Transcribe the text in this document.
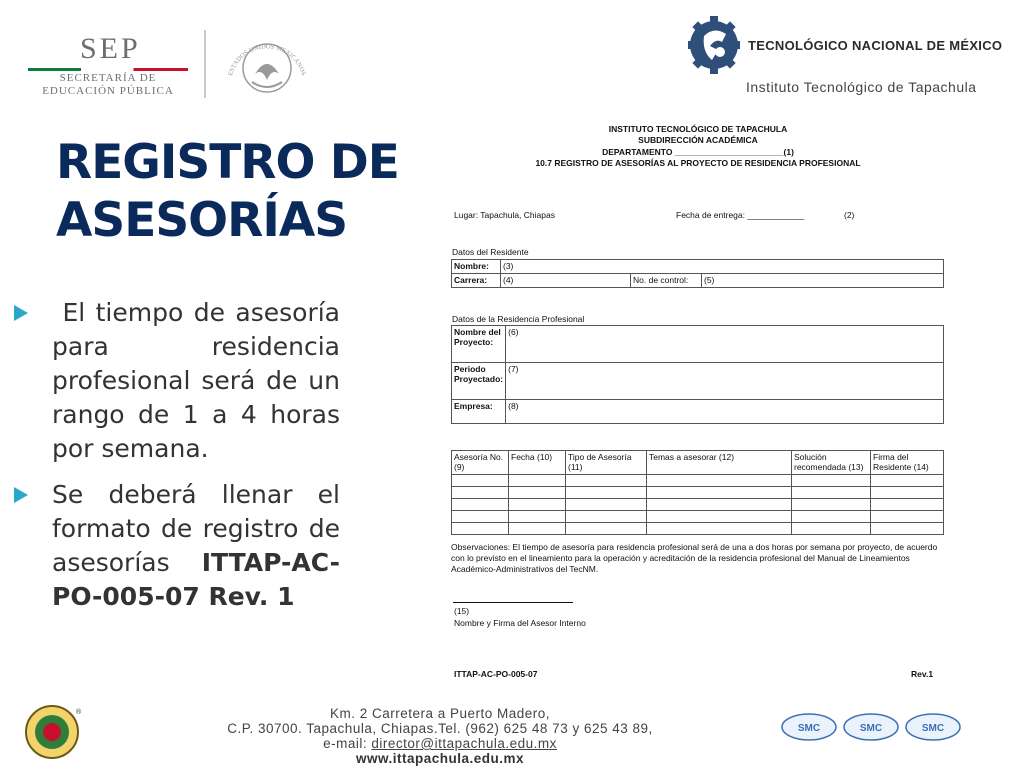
SEP
SECRETARÍA DE
EDUCACIÓN PÚBLICA
ESTADOS UNIDOS MEXICANOS
TECNOLÓGICO NACIONAL DE MÉXICO
Instituto Tecnológico de Tapachula
REGISTRO DE
ASESORÍAS
El tiempo de asesoría para residencia profesional será de un rango de 1 a 4 horas por semana.
Se deberá llenar el formato de registro de asesorías ITTAP-AC-PO-005-07 Rev. 1
INSTITUTO TECNOLÓGICO DE TAPACHULA
SUBDIRECCIÓN ACADÉMICA
DEPARTAMENTO _______________________(1)
10.7 REGISTRO DE ASESORÍAS AL PROYECTO DE RESIDENCIA PROFESIONAL
Lugar: Tapachula, Chiapas	Fecha de entrega: ____________	(2)
Datos del Residente
Nombre:	(3)		
Carrera:	(4)	No. de control:	(5)
Datos de la Residencia Profesional
Nombre del Proyecto:	(6)
Periodo Proyectado:	(7)
Empresa:	(8)
Asesoría No. (9)	Fecha (10)	Tipo de Asesoría (11)	Temas a asesorar (12)	Solución recomendada (13)	Firma del Residente (14)

Observaciones: El tiempo de asesoría para residencia profesional será de una a dos horas por semana por proyecto, de acuerdo con lo previsto en el lineamiento para la operación y acreditación de la residencia profesional del Manual de Lineamientos Académico-Administrativos del TecNM.
(15)
Nombre y Firma del Asesor Interno
ITTAP-AC-PO-005-07	Rev.1
®	Km. 2 Carretera a Puerto Madero,
C.P. 30700. Tapachula, Chiapas.Tel. (962) 625 48 73 y 625 43 89,
e-mail: director@ittapachula.edu.mx
www.ittapachula.edu.mx
SMC	SMC	SMC
